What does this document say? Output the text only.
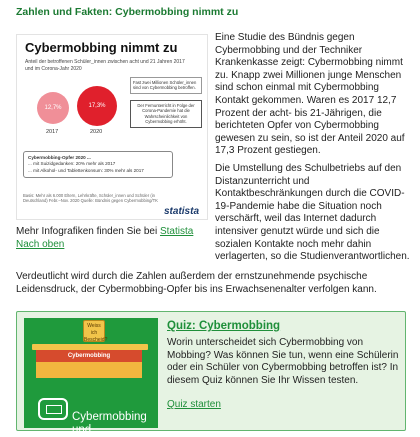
Zahlen und Fakten: Cybermobbing nimmt zu
Cybermobbing nimmt zu
Anteil der betroffenen Schüler_innen zwischen acht und 21 Jahren 2017 und im Corona-Jahr 2020
12,7%	17,3%
2017	2020
Fast zwei Millionen Schüler_innen sind von Cybermobbing betroffen.
Der Fernunterricht in Folge der Corona-Pandemie hat die Wahrscheinlichkeit von Cybermobbing erhöht.
Cybermobbing-Opfer 2020 ...
... mit Suizidgedanken: 20% mehr als 2017
... mit Alkohol- und Tablettenkonsum: 30% mehr als 2017
Basis: Mehr als 6.000 Eltern, Lehrkräfte, Schüler_innen und Schüler (in Deutschland) Febr.–Nov. 2020 Quelle: Bündnis gegen Cybermobbing/TK
statista
Mehr Infografiken finden Sie bei Statista
Nach oben

Eine Studie des Bündnis gegen Cybermobbing und der Techniker Krankenkasse zeigt: Cybermobbing nimmt zu. Knapp zwei Millionen junge Menschen sind schon einmal mit Cybermobbing Kontakt gekommen. Waren es 2017 12,7 Prozent der acht- bis 21-Jährigen, die berichteten Opfer von Cybermobbing gewesen zu sein, so ist der Anteil 2020 auf 17,3 Prozent gestiegen.

Die Umstellung des Schulbetriebs auf den Distanzunterricht und Kontaktbeschränkungen durch die COVID-19-Pandemie habe die Situation noch verschärft, weil das Internet dadurch intensiver genutzt würde und sich die sozialen Kontakte noch mehr dahin verlagerten, so die Studienverantwortlichen.

Verdeutlicht wird durch die Zahlen außerdem der ernstzunehmende psychische Leidensdruck, der Cybermobbing-Opfer bis ins Erwachsenenalter verfolgen kann.
Weiss ich Bescheid?
Cybermobbing
Cybermobbing und
Quiz: Cybermobbing
Worin unterscheidet sich Cybermobbing von Mobbing? Was können Sie tun, wenn eine Schülerin oder ein Schüler von Cybermobbing betroffen ist? In diesem Quiz können Sie Ihr Wissen testen.
Quiz starten
